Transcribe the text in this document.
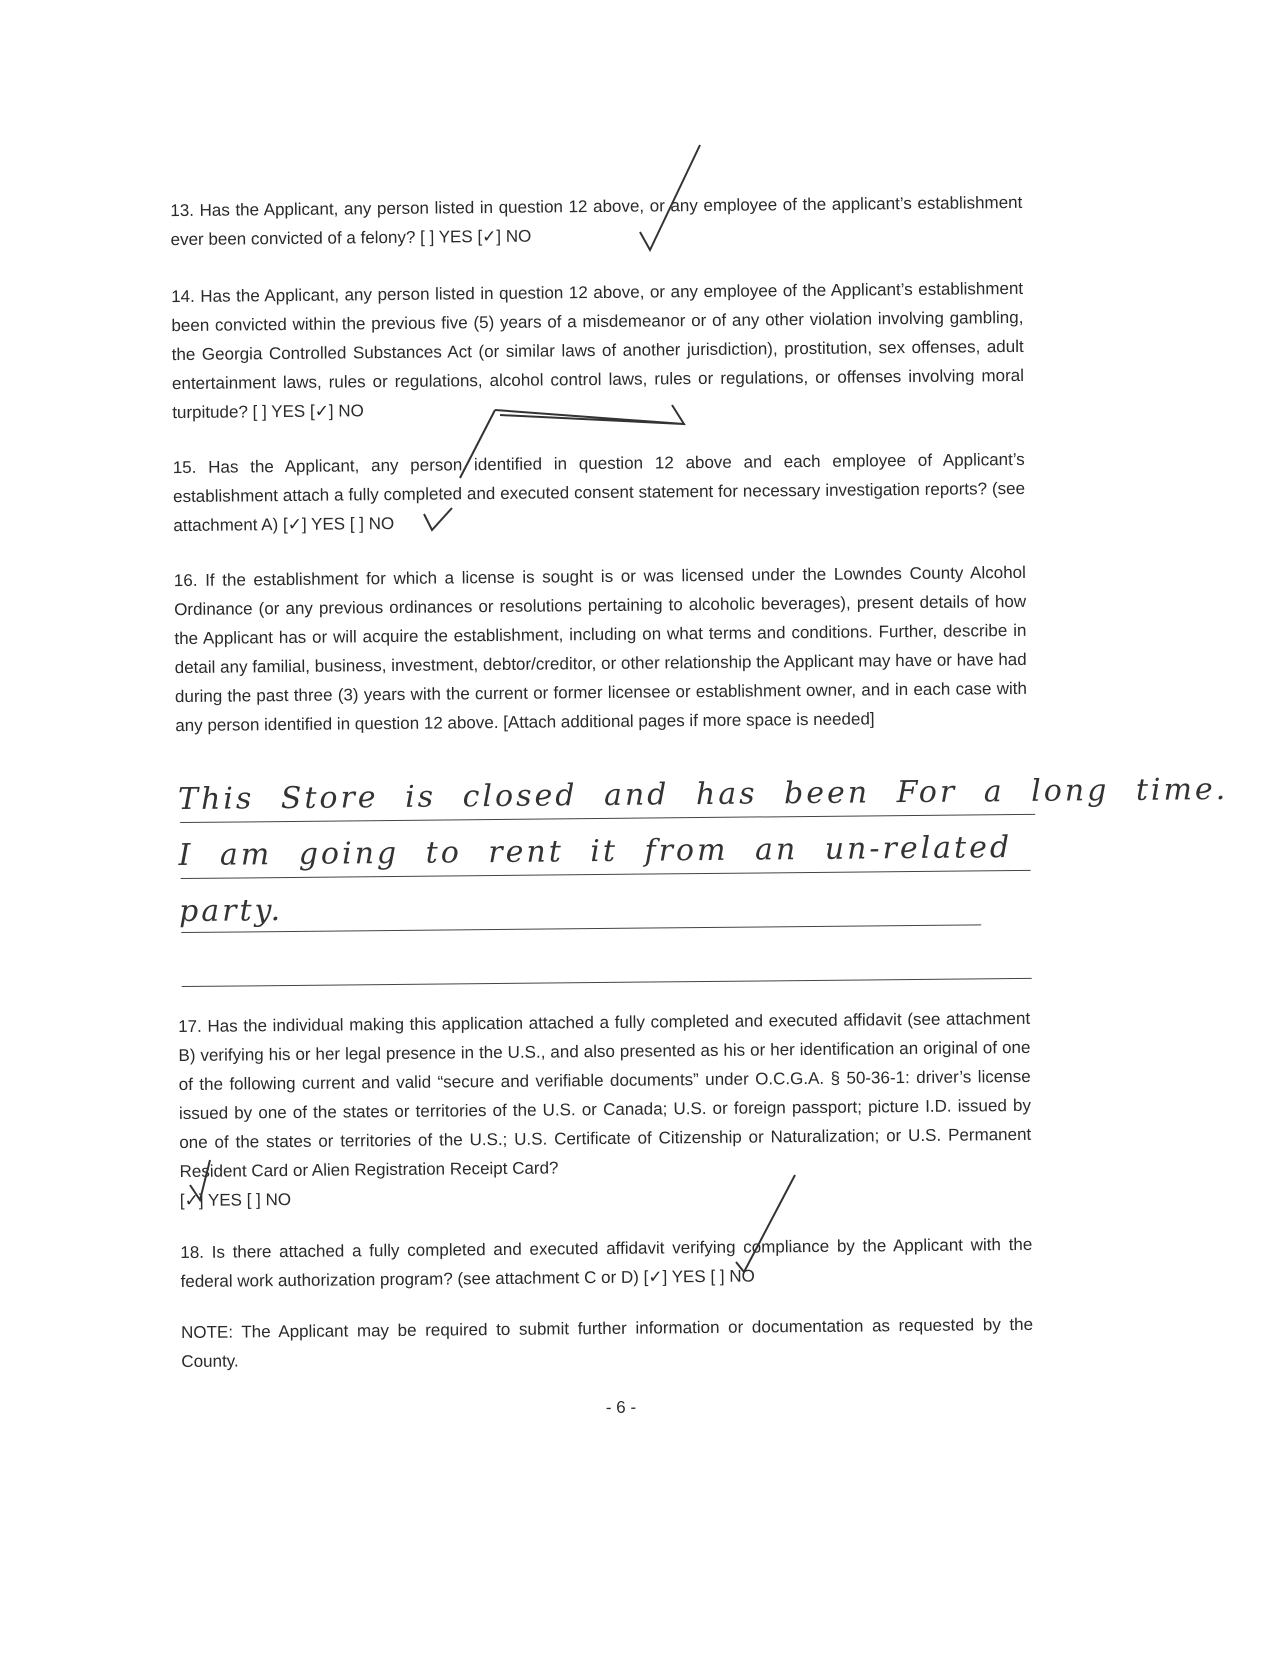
13. Has the Applicant, any person listed in question 12 above, or any employee of the applicant’s establishment ever been convicted of a felony? [ ] YES [✓] NO
14. Has the Applicant, any person listed in question 12 above, or any employee of the Applicant’s establishment been convicted within the previous five (5) years of a misdemeanor or of any other violation involving gambling, the Georgia Controlled Substances Act (or similar laws of another jurisdiction), prostitution, sex offenses, adult entertainment laws, rules or regulations, alcohol control laws, rules or regulations, or offenses involving moral turpitude? [ ] YES [✓] NO
15. Has the Applicant, any person identified in question 12 above and each employee of Applicant’s establishment attach a fully completed and executed consent statement for necessary investigation reports? (see attachment A) [✓] YES [ ] NO
16. If the establishment for which a license is sought is or was licensed under the Lowndes County Alcohol Ordinance (or any previous ordinances or resolutions pertaining to alcoholic beverages), present details of how the Applicant has or will acquire the establishment, including on what terms and conditions. Further, describe in detail any familial, business, investment, debtor/creditor, or other relationship the Applicant may have or have had during the past three (3) years with the current or former licensee or establishment owner, and in each case with any person identified in question 12 above. [Attach additional pages if more space is needed]
This Store is closed and has been For a long time.
I am going to rent it from an un-related
party.
17. Has the individual making this application attached a fully completed and executed affidavit (see attachment B) verifying his or her legal presence in the U.S., and also presented as his or her identification an original of one of the following current and valid “secure and verifiable documents” under O.C.G.A. § 50-36-1: driver’s license issued by one of the states or territories of the U.S. or Canada; U.S. or foreign passport; picture I.D. issued by one of the states or territories of the U.S.; U.S. Certificate of Citizenship or Naturalization; or U.S. Permanent Resident Card or Alien Registration Receipt Card?
[✓] YES [ ] NO
18. Is there attached a fully completed and executed affidavit verifying compliance by the Applicant with the federal work authorization program? (see attachment C or D) [✓] YES [ ] NO
NOTE: The Applicant may be required to submit further information or documentation as requested by the County.
- 6 -
